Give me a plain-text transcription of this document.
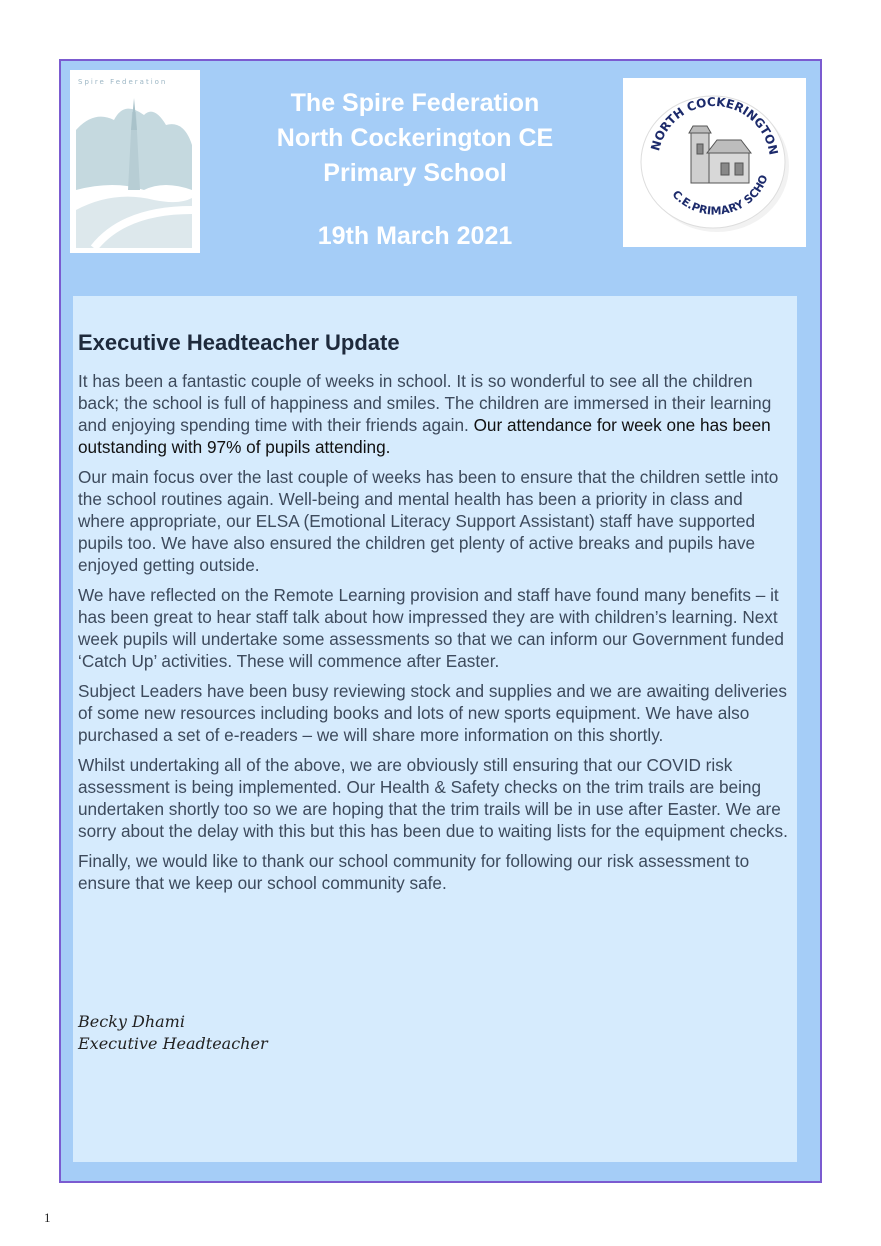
Spire Federation
NORTH COCKERINGTON
C.E.PRIMARY SCHO
The Spire Federation
North Cockerington CE
Primary School
19th March 2021
Executive Headteacher Update

It has been a fantastic couple of weeks in school. It is so wonderful to see all the children back; the school is full of happiness and smiles. The children are immersed in their learning and enjoying spending time with their friends again. Our attendance for week one has been outstanding with 97% of pupils attending.

Our main focus over the last couple of weeks has been to ensure that the children settle into the school routines again. Well-being and mental health has been a priority in class and where appropriate, our ELSA (Emotional Literacy Support Assistant) staff have supported pupils too. We have also ensured the children get plenty of active breaks and pupils have enjoyed getting outside.

We have reflected on the Remote Learning provision and staff have found many benefits – it has been great to hear staff talk about how impressed they are with children’s learning. Next week pupils will undertake some assessments so that we can inform our Government funded ‘Catch Up’ activities. These will commence after Easter.

Subject Leaders have been busy reviewing stock and supplies and we are awaiting deliveries of some new resources including books and lots of new sports equipment. We have also purchased a set of e-readers – we will share more information on this shortly.

Whilst undertaking all of the above, we are obviously still ensuring that our COVID risk assessment is being implemented. Our Health & Safety checks on the trim trails are being undertaken shortly too so we are hoping that the trim trails will be in use after Easter. We are sorry about the delay with this but this has been due to waiting lists for the equipment checks.

Finally, we would like to thank our school community for following our risk assessment to ensure that we keep our school community safe.

Becky Dhami
Executive Headteacher
1
